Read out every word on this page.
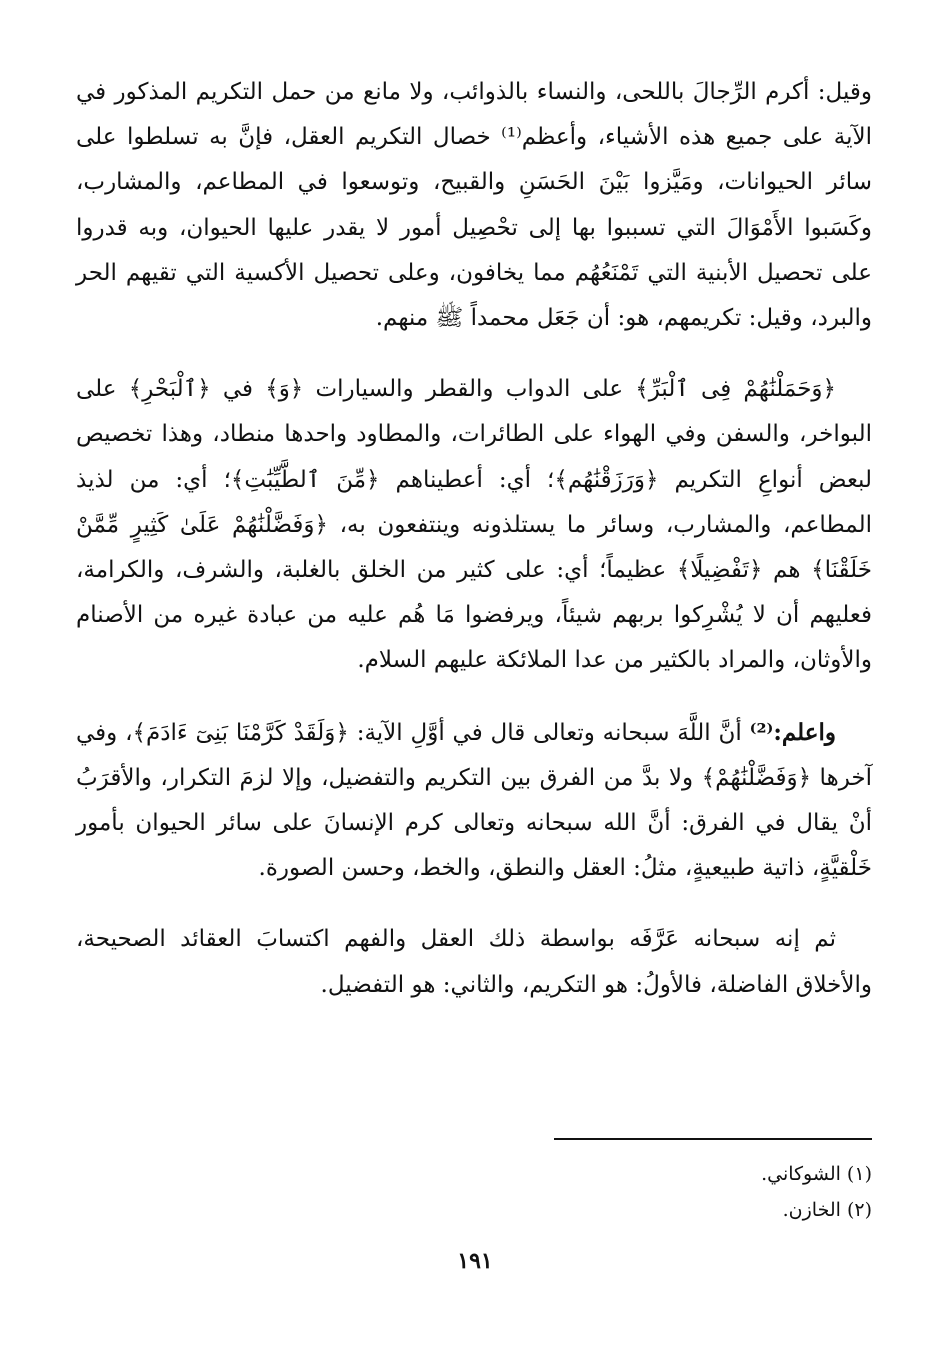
وقيل: أكرم الرِّجالَ باللحى، والنساء بالذوائب، ولا مانع من حمل التكريم المذكور في الآية على جميع هذه الأشياء، وأعظم⁽¹⁾ خصال التكريم العقل، فإنَّ به تسلطوا على سائر الحيوانات، ومَيَّزوا بَيْنَ الحَسَنِ والقبيح، وتوسعوا في المطاعم، والمشارب، وكَسَبوا الأَمْوَالَ التي تسببوا بها إلى تحْصِيل أمور لا يقدر عليها الحيوان، وبه قدروا على تحصيل الأبنية التي تَمْنَعُهُم مما يخافون، وعلى تحصيل الأكسية التي تقيهم الحر والبرد، وقيل: تكريمهم، هو: أن جَعَل محمداً ﷺ منهم.

﴿وَحَمَلْنَٰهُمْ فِى ٱلْبَرِّ﴾ على الدواب والقطر والسيارات ﴿وَ﴾ في ﴿ٱلْبَحْرِ﴾ على البواخر، والسفن وفي الهواء على الطائرات، والمطاود واحدها منطاد، وهذا تخصيص لبعض أنواعِ التكريم ﴿وَرَزَقْنَٰهُم﴾؛ أي: أعطيناهم ﴿مِّنَ ٱلطَّيِّبَٰتِ﴾؛ أي: من لذيذ المطاعم، والمشارب، وسائر ما يستلذونه وينتفعون به، ﴿وَفَضَّلْنَٰهُمْ عَلَىٰ كَثِيرٍ مِّمَّنْ خَلَقْنَا﴾ هم ﴿تَفْضِيلًا﴾ عظيماً؛ أي: على كثير من الخلق بالغلبة، والشرف، والكرامة، فعليهم أن لا يُشْرِكوا بربهم شيئاً، ويرفضوا مَا هُم عليه من عبادة غيره من الأصنام والأوثان، والمراد بالكثير من عدا الملائكة عليهم السلام.

واعلم:⁽²⁾ أنَّ اللَّهَ سبحانه وتعالى قال في أوَّلِ الآية: ﴿وَلَقَدْ كَرَّمْنَا بَنِىٓ ءَادَمَ﴾، وفي آخرها ﴿وَفَضَّلْنَٰهُمْ﴾ ولا بدَّ من الفرق بين التكريم والتفضيل، وإلا لزمَ التكرار، والأقرَبُ أنْ يقال في الفرق: أنَّ الله سبحانه وتعالى كرم الإنسانَ على سائر الحيوان بأمور خَلْقيَّةٍ، ذاتية طبيعيةٍ، مثلُ: العقل والنطق، والخط، وحسن الصورة.

ثم إنه سبحانه عَرَّفَه بواسطة ذلك العقل والفهم اكتسابَ العقائد الصحيحة، والأخلاق الفاضلة، فالأولُ: هو التكريم، والثاني: هو التفضيل.

(١) الشوكاني.

(٢) الخازن.

١٩١
